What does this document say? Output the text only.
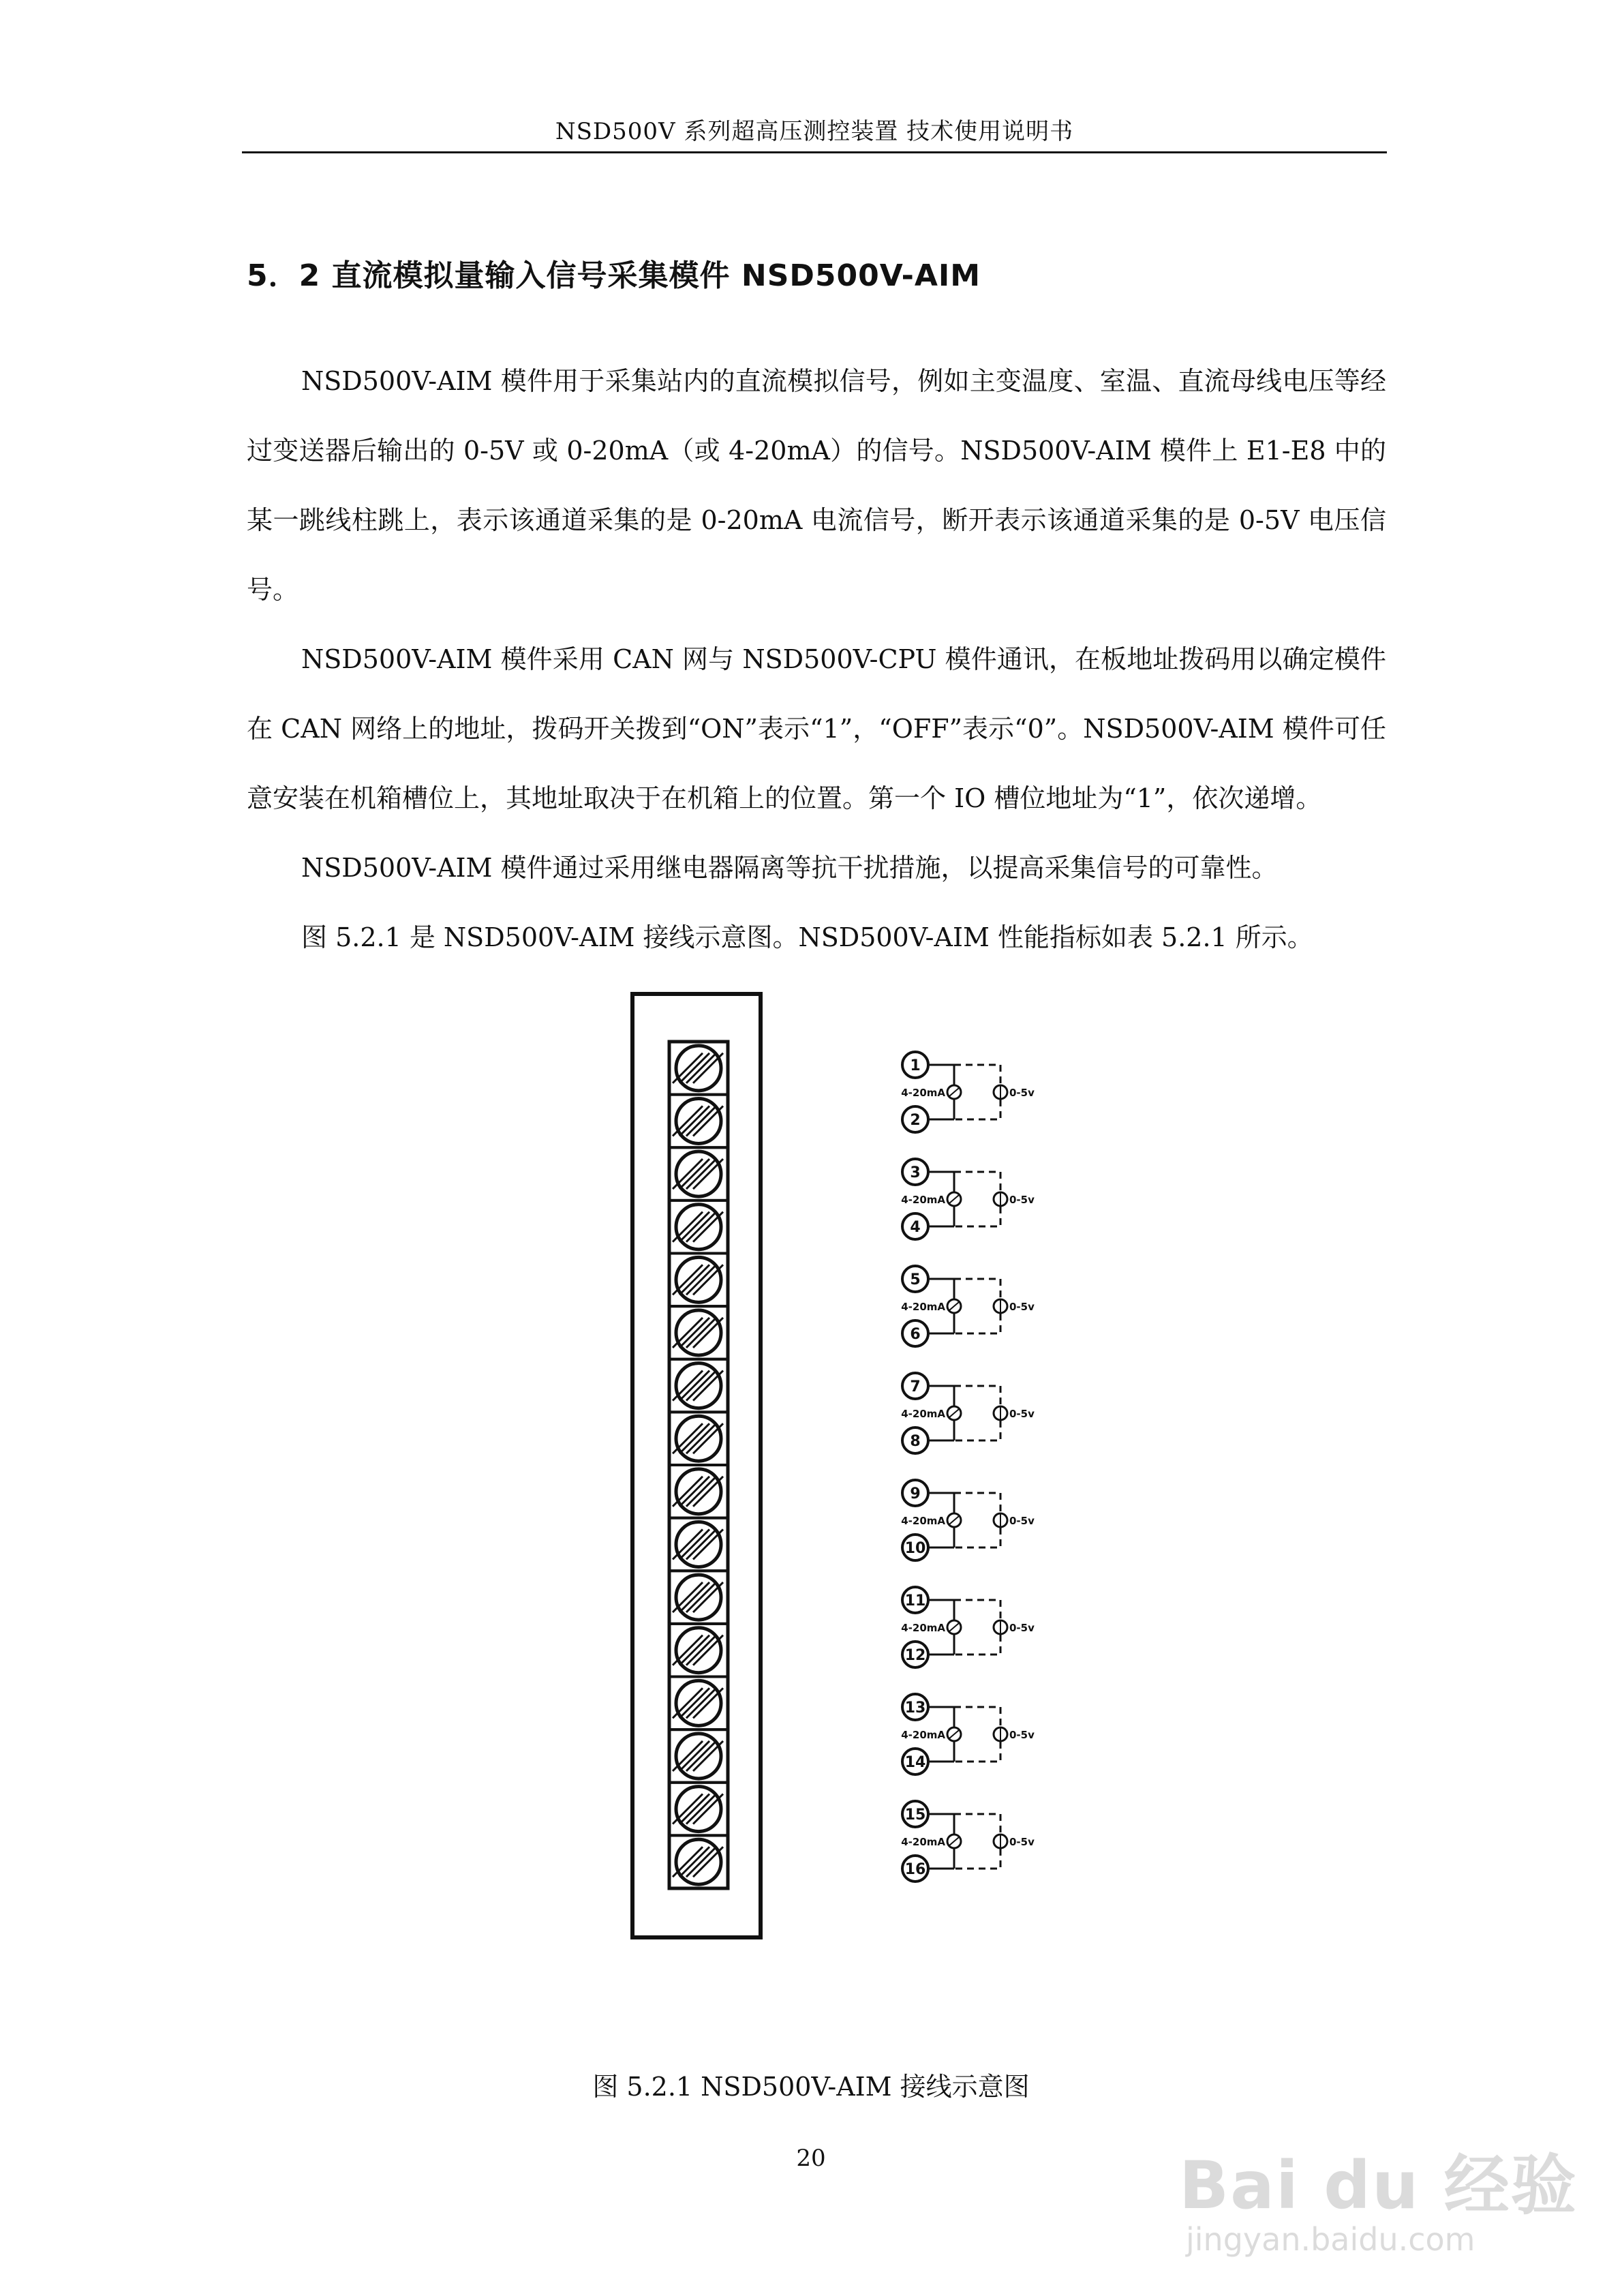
NSD500V 系列超高压测控装置 技术使用说明书
5．2 直流模拟量输入信号采集模件 NSD500V-AIM

NSD500V-AIM 模件用于采集站内的直流模拟信号，例如主变温度、室温、直流母线电压等经过变送器后输出的 0-5V 或 0-20mA（或 4-20mA）的信号。NSD500V-AIM 模件上 E1-E8 中的某一跳线柱跳上，表示该通道采集的是 0-20mA 电流信号，断开表示该通道采集的是 0-5V 电压信号。

NSD500V-AIM 模件采用 CAN 网与 NSD500V-CPU 模件通讯，在板地址拨码用以确定模件在 CAN 网络上的地址，拨码开关拨到“ON”表示“1”，“OFF”表示“0”。NSD500V-AIM 模件可任意安装在机箱槽位上，其地址取决于在机箱上的位置。第一个 IO 槽位地址为“1”，依次递增。

NSD500V-AIM 模件通过采用继电器隔离等抗干扰措施，以提高采集信号的可靠性。

图 5.2.1 是 NSD500V-AIM 接线示意图。NSD500V-AIM 性能指标如表 5.2.1 所示。

1
2
4-20mA	0-5v
3
4
4-20mA	0-5v
5
6
4-20mA	0-5v
7
8
4-20mA	0-5v
9
10
4-20mA	0-5v
11
12
4-20mA	0-5v
13
14
4-20mA	0-5v
15
16
4-20mA	0-5v
图 5.2.1 NSD500V-AIM 接线示意图
20	Bai du 经验
jingyan.baidu.com
